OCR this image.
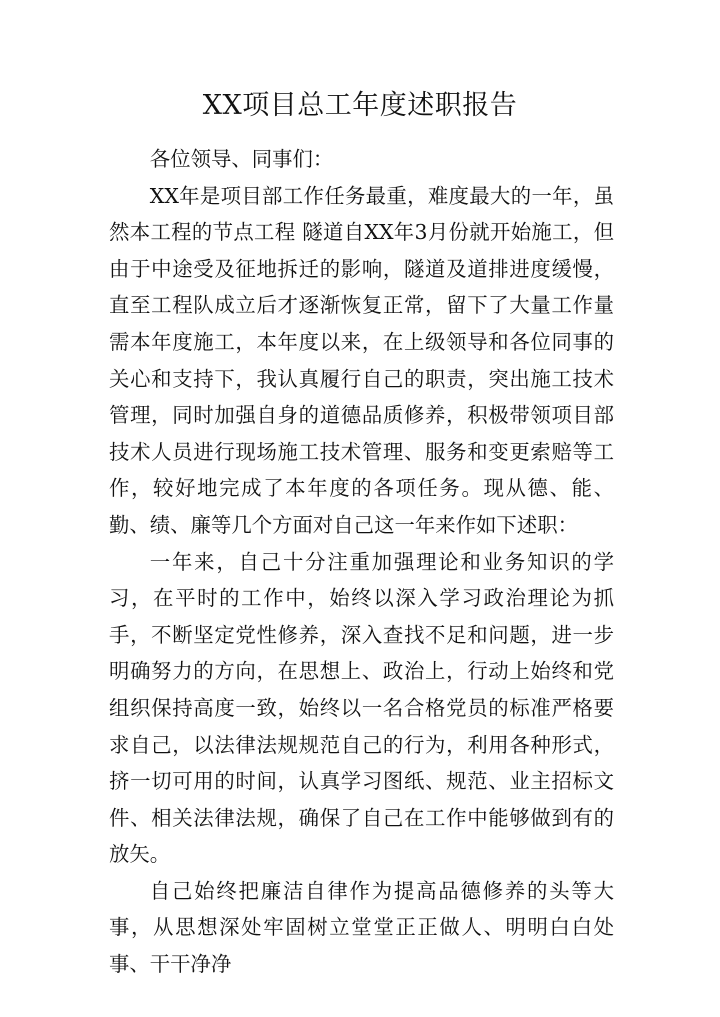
XX项目总工年度述职报告

各位领导、同事们：

XX年是项目部工作任务最重，难度最大的一年，虽然本工程的节点工程 隧道自XX年3月份就开始施工，但由于中途受及征地拆迁的影响，隧道及道排进度缓慢，直至工程队成立后才逐渐恢复正常，留下了大量工作量需本年度施工，本年度以来，在上级领导和各位同事的关心和支持下，我认真履行自己的职责，突出施工技术管理，同时加强自身的道德品质修养，积极带领项目部技术人员进行现场施工技术管理、服务和变更索赔等工作，较好地完成了本年度的各项任务。现从德、能、勤、绩、廉等几个方面对自己这一年来作如下述职：

一年来，自己十分注重加强理论和业务知识的学习，在平时的工作中，始终以深入学习政治理论为抓手，不断坚定党性修养，深入查找不足和问题，进一步明确努力的方向，在思想上、政治上，行动上始终和党组织保持高度一致，始终以一名合格党员的标准严格要求自己，以法律法规规范自己的行为，利用各种形式，挤一切可用的时间，认真学习图纸、规范、业主招标文件、相关法律法规，确保了自己在工作中能够做到有的放矢。

自己始终把廉洁自律作为提高品德修养的头等大事，从思想深处牢固树立堂堂正正做人、明明白白处事、干干净净
